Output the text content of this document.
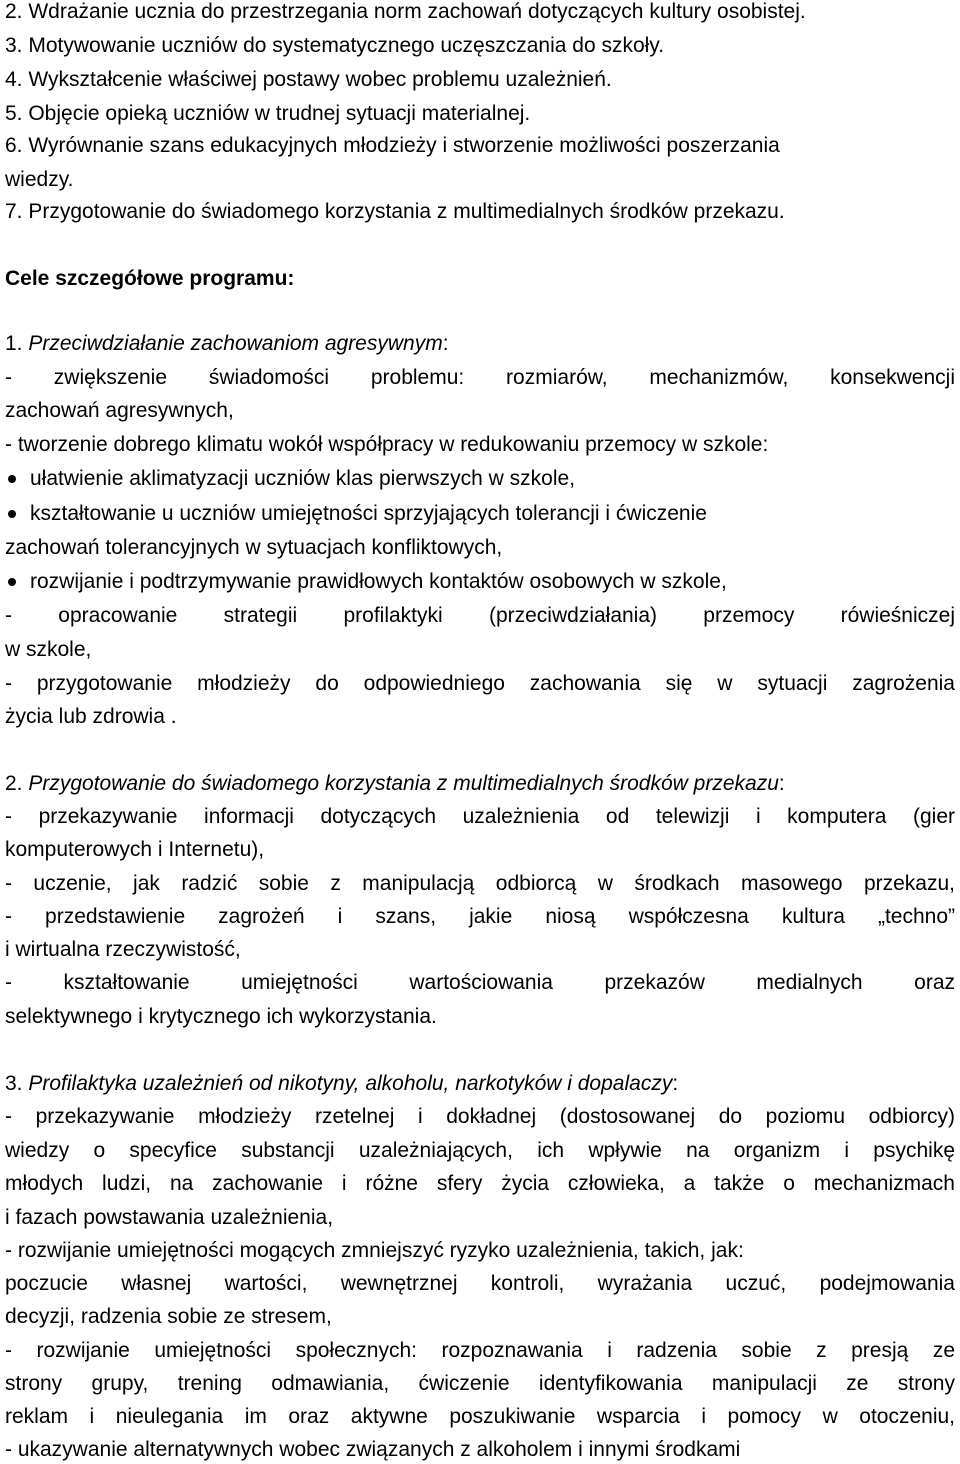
2. Wdrażanie ucznia do przestrzegania norm zachowań dotyczących kultury osobistej.
3. Motywowanie uczniów do systematycznego uczęszczania do szkoły.
4. Wykształcenie właściwej postawy wobec problemu uzależnień.
5. Objęcie opieką uczniów w trudnej sytuacji materialnej.
6. Wyrównanie szans edukacyjnych młodzieży i stworzenie możliwości poszerzania
wiedzy.
7. Przygotowanie do świadomego korzystania z multimedialnych środków przekazu.
Cele szczegółowe programu:
1. Przeciwdziałanie zachowaniom agresywnym:
- zwiększenie świadomości problemu: rozmiarów, mechanizmów, konsekwencji
zachowań agresywnych,
- tworzenie dobrego klimatu wokół współpracy w redukowaniu przemocy w szkole:
ułatwienie aklimatyzacji uczniów klas pierwszych w szkole,
kształtowanie u uczniów umiejętności sprzyjających tolerancji i ćwiczenie
zachowań tolerancyjnych w sytuacjach konfliktowych,
rozwijanie i podtrzymywanie prawidłowych kontaktów osobowych w szkole,
- opracowanie strategii profilaktyki (przeciwdziałania) przemocy rówieśniczej
w szkole,
- przygotowanie młodzieży do odpowiedniego zachowania się w sytuacji zagrożenia
życia lub zdrowia .
2. Przygotowanie do świadomego korzystania z multimedialnych środków przekazu:
- przekazywanie informacji dotyczących uzależnienia od telewizji i komputera (gier
komputerowych i Internetu),
- uczenie, jak radzić sobie z manipulacją odbiorcą w środkach masowego przekazu,
- przedstawienie zagrożeń i szans, jakie niosą współczesna kultura „techno”
i wirtualna rzeczywistość,
- kształtowanie umiejętności wartościowania przekazów medialnych oraz
selektywnego i krytycznego ich wykorzystania.
3. Profilaktyka uzależnień od nikotyny, alkoholu, narkotyków i dopalaczy:
- przekazywanie młodzieży rzetelnej i dokładnej (dostosowanej do poziomu odbiorcy)
wiedzy o specyfice substancji uzależniających, ich wpływie na organizm i psychikę
młodych ludzi, na zachowanie i różne sfery życia człowieka, a także o mechanizmach
i fazach powstawania uzależnienia,
- rozwijanie umiejętności mogących zmniejszyć ryzyko uzależnienia, takich, jak:
poczucie własnej wartości, wewnętrznej kontroli, wyrażania uczuć, podejmowania
decyzji, radzenia sobie ze stresem,
- rozwijanie umiejętności społecznych: rozpoznawania i radzenia sobie z presją ze
strony grupy, trening odmawiania, ćwiczenie identyfikowania manipulacji ze strony
reklam i nieulegania im oraz aktywne poszukiwanie wsparcia i pomocy w otoczeniu,
- ukazywanie alternatywnych wobec związanych z alkoholem i innymi środkami
